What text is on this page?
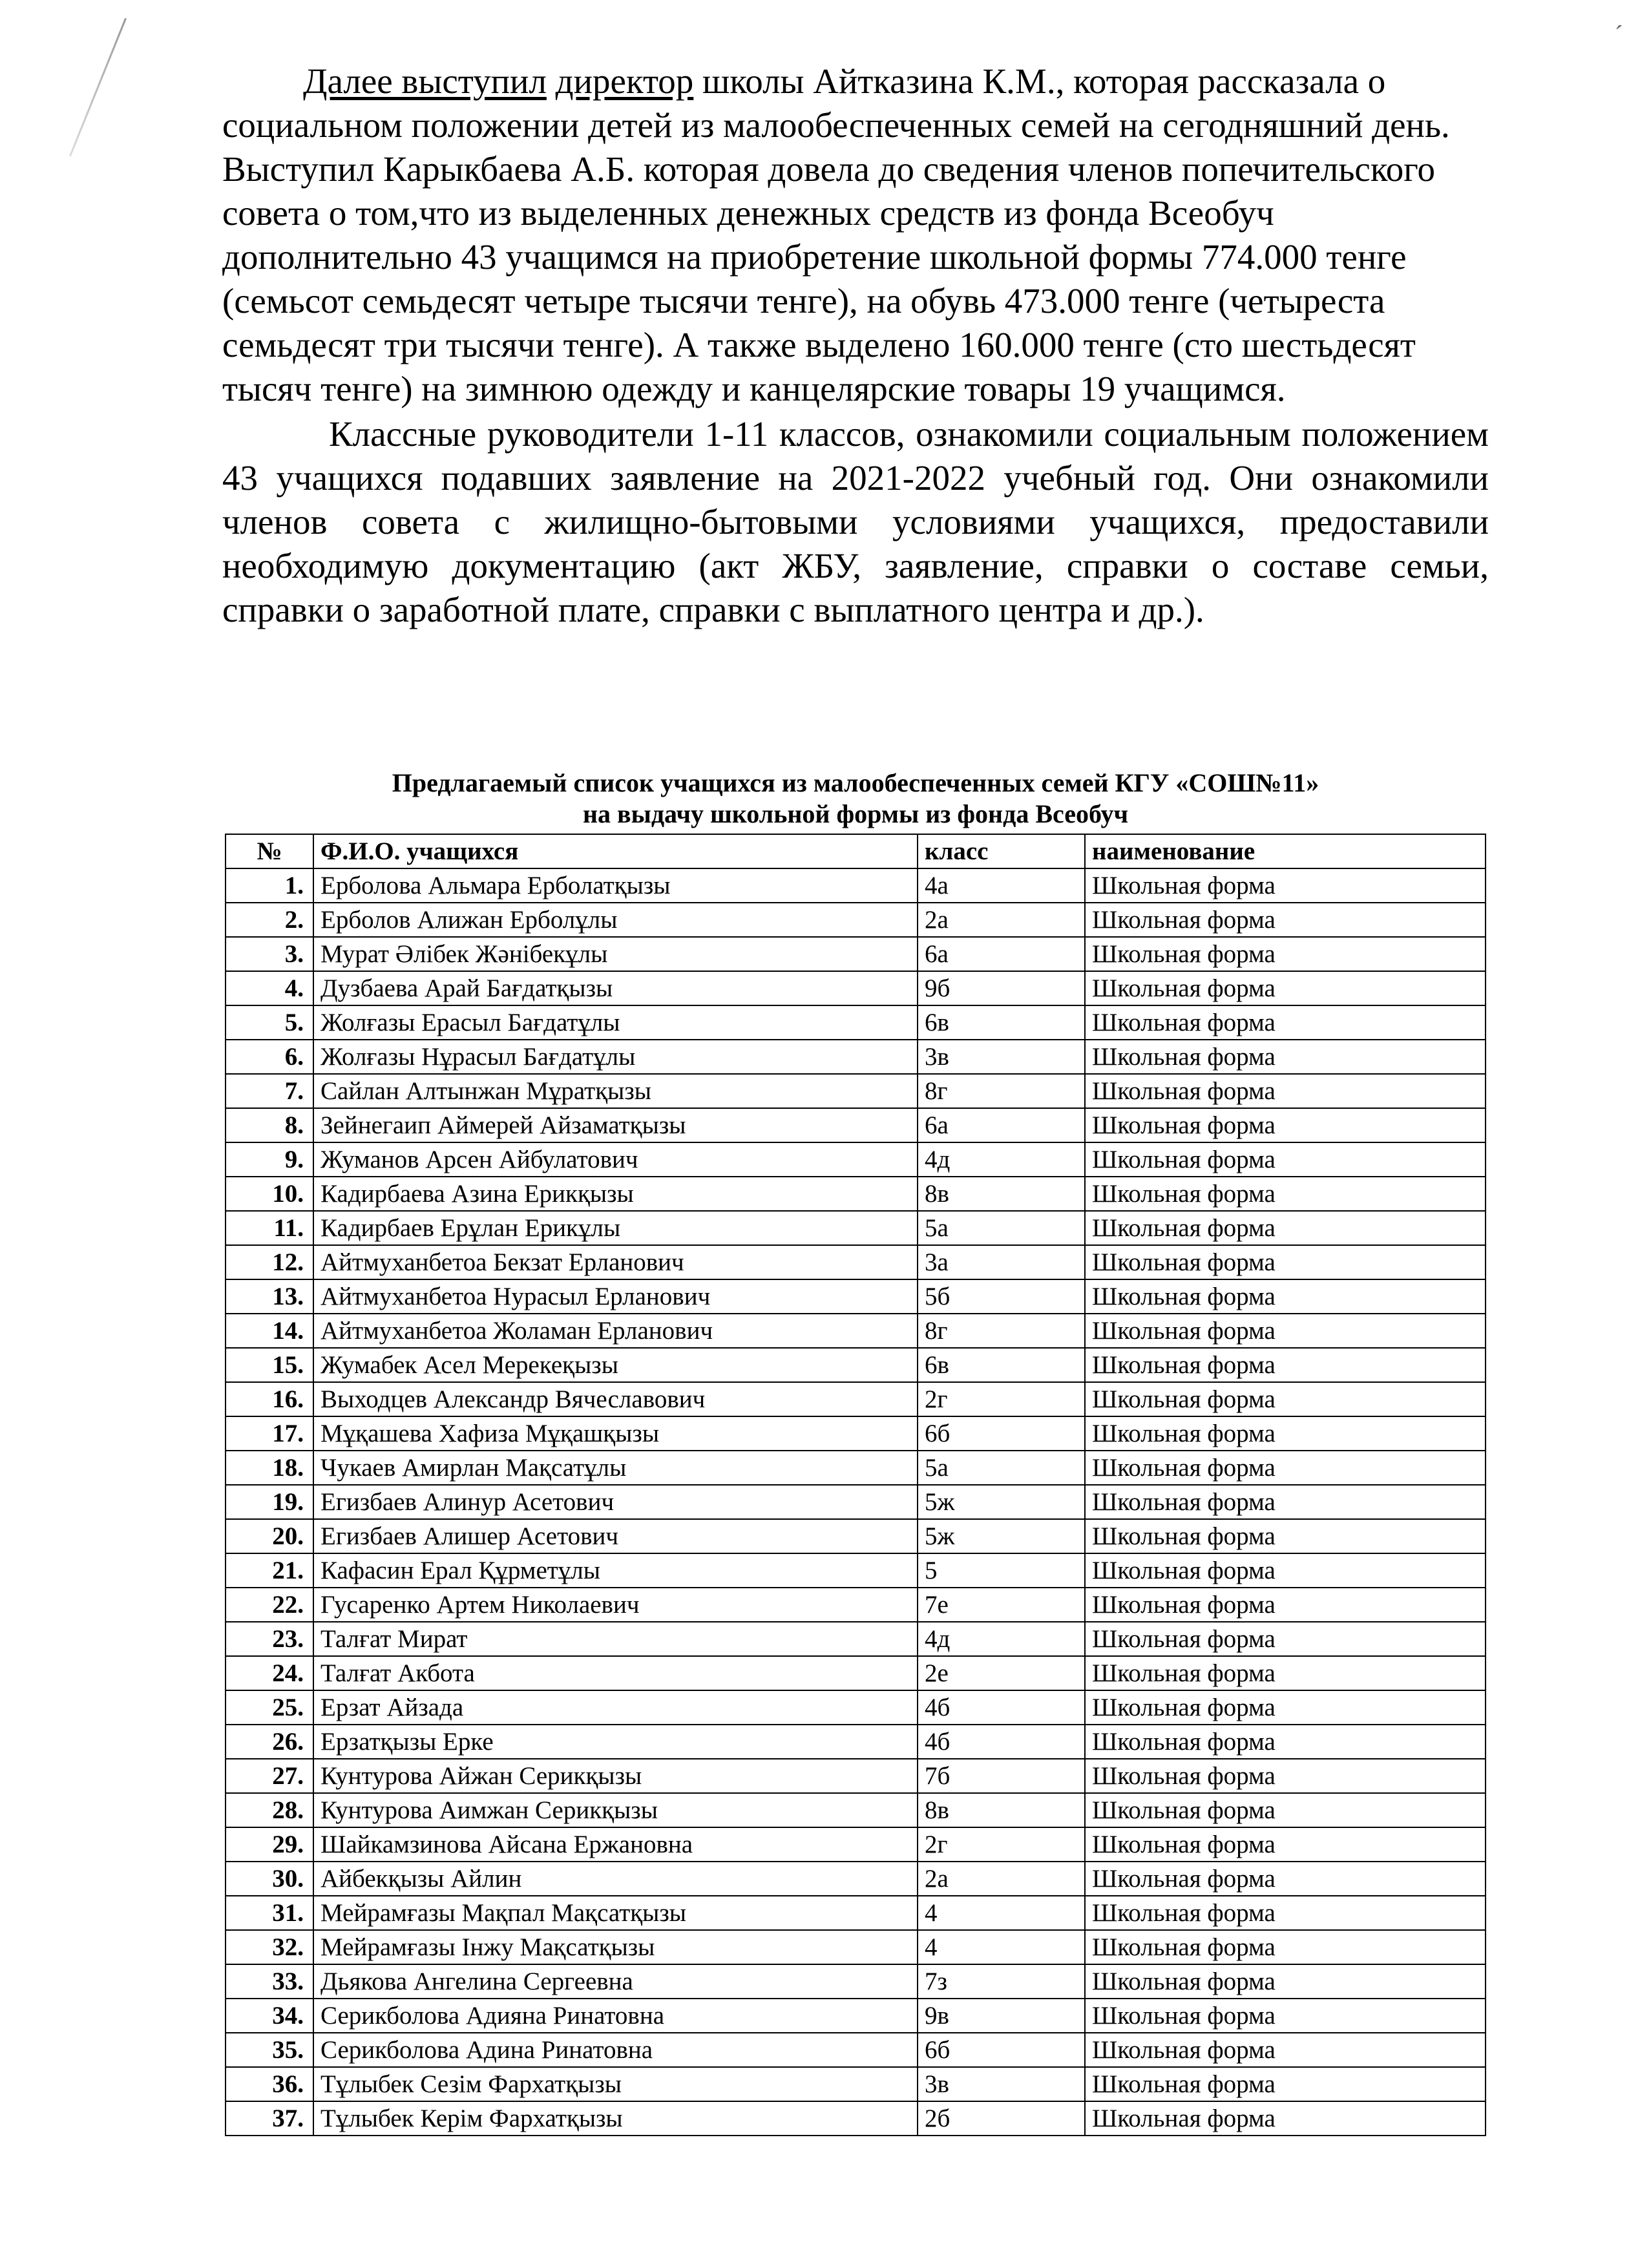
´

Далее выступил директор школы Айтказина К.М., которая рассказала о социальном положении детей из малообеспеченных семей на сегодняшний день. Выступил Карыкбаева А.Б. которая довела до сведения членов попечительского совета о том,что из выделенных денежных средств из фонда Всеобуч дополнительно 43 учащимся на приобретение школьной формы 774.000 тенге (семьсот семьдесят четыре тысячи тенге), на обувь 473.000 тенге (четыреста семьдесят три тысячи тенге). А также выделено 160.000 тенге (сто шестьдесят тысяч тенге) на зимнюю одежду и канцелярские товары 19 учащимся.

Классные руководители 1-11 классов, ознакомили социальным положением 43 учащихся подавших заявление на 2021-2022 учебный год. Они ознакомили членов совета с жилищно-бытовыми условиями учащихся, предоставили необходимую документацию (акт ЖБУ, заявление, справки о составе семьи, справки о заработной плате, справки с выплатного центра и др.).

Предлагаемый список учащихся из малообеспеченных семей КГУ «СОШ№11»
на выдачу школьной формы из фонда Всеобуч
№	Ф.И.О. учащихся	класс	наименование
1.	Ерболова Альмара Ерболатқызы	4а	Школьная форма
2.	Ерболов Алижан Ерболұлы	2а	Школьная форма
3.	Мурат Әлібек Жәнібекұлы	6а	Школьная форма
4.	Дузбаева Арай Бағдатқызы	9б	Школьная форма
5.	Жолғазы Ерасыл Бағдатұлы	6в	Школьная форма
6.	Жолғазы Нұрасыл Бағдатұлы	3в	Школьная форма
7.	Сайлан Алтынжан Мұратқызы	8г	Школьная форма
8.	Зейнегаип Аймерей Айзаматқызы	6а	Школьная форма
9.	Жуманов Арсен Айбулатович	4д	Школьная форма
10.	Кадирбаева Азина Ерикқызы	8в	Школьная форма
11.	Кадирбаев Ерұлан Ерикұлы	5а	Школьная форма
12.	Айтмуханбетоа Бекзат Ерланович	3а	Школьная форма
13.	Айтмуханбетоа Нурасыл Ерланович	5б	Школьная форма
14.	Айтмуханбетоа Жоламан Ерланович	8г	Школьная форма
15.	Жумабек Асел Мерекеқызы	6в	Школьная форма
16.	Выходцев Александр Вячеславович	2г	Школьная форма
17.	Мұқашева Хафиза Мұқашқызы	6б	Школьная форма
18.	Чукаев Амирлан Мақсатұлы	5а	Школьная форма
19.	Егизбаев Алинур Асетович	5ж	Школьная форма
20.	Егизбаев Алишер Асетович	5ж	Школьная форма
21.	Кафасин Ерал Құрметұлы	5	Школьная форма
22.	Гусаренко Артем Николаевич	7е	Школьная форма
23.	Талғат Мират	4д	Школьная форма
24.	Талғат Акбота	2е	Школьная форма
25.	Ерзат Айзада	4б	Школьная форма
26.	Ерзатқызы Ерке	4б	Школьная форма
27.	Кунтурова Айжан Серикқызы	7б	Школьная форма
28.	Кунтурова Аимжан Серикқызы	8в	Школьная форма
29.	Шайкамзинова Айсана Ержановна	2г	Школьная форма
30.	Айбекқызы Айлин	2а	Школьная форма
31.	Мейрамғазы Мақпал Мақсатқызы	4	Школьная форма
32.	Мейрамғазы Інжу Мақсатқызы	4	Школьная форма
33.	Дьякова Ангелина Сергеевна	7з	Школьная форма
34.	Серикболова Адияна Ринатовна	9в	Школьная форма
35.	Серикболова Адина Ринатовна	6б	Школьная форма
36.	Тұлыбек Сезім Фархатқызы	3в	Школьная форма
37.	Тұлыбек Керім Фархатқызы	2б	Школьная форма
